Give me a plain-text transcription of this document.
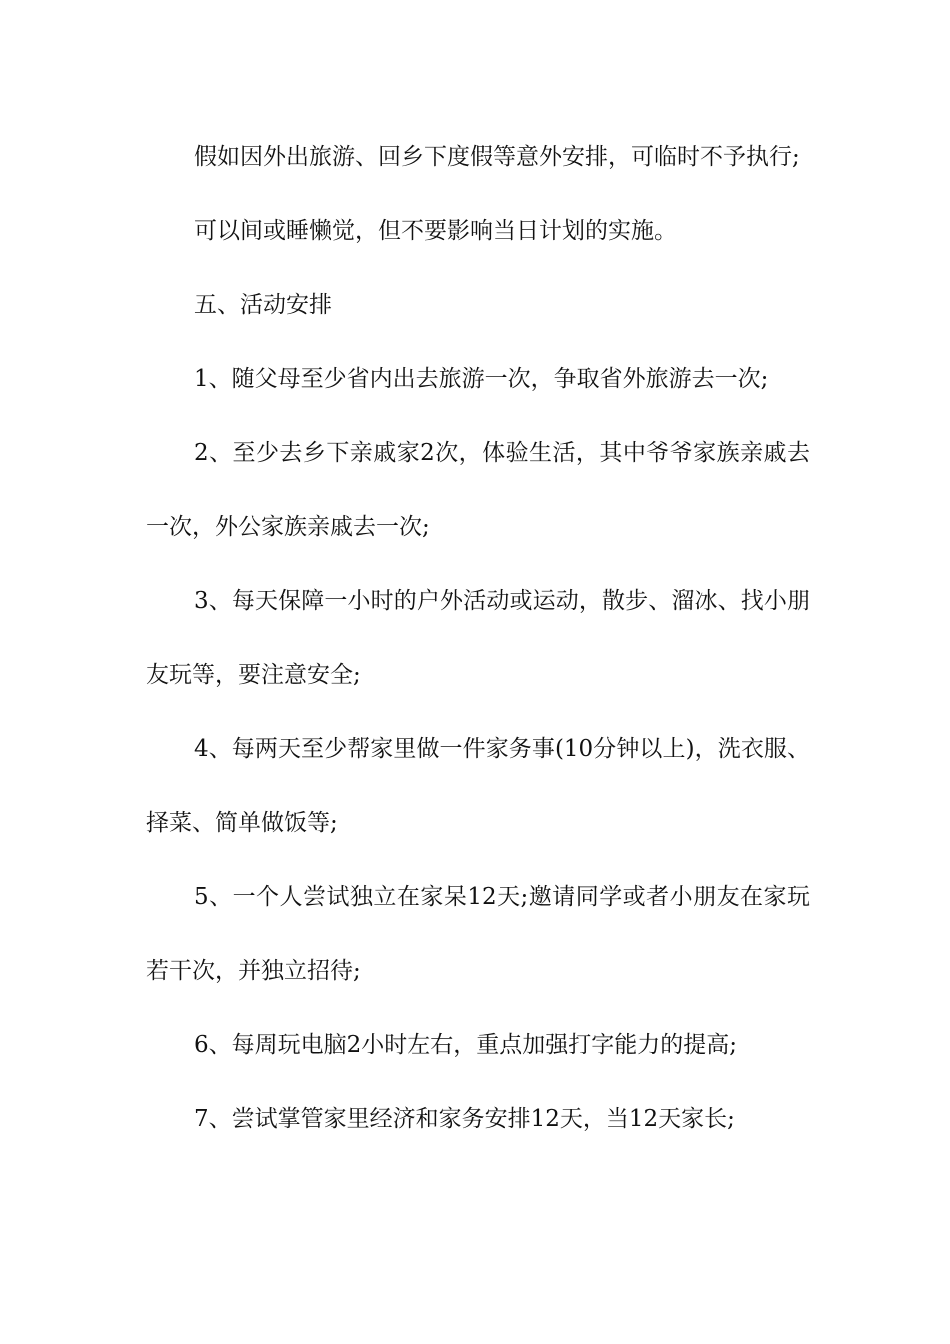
假如因外出旅游、回乡下度假等意外安排，可临时不予执行;

可以间或睡懒觉，但不要影响当日计划的实施。

五、活动安排

1、随父母至少省内出去旅游一次，争取省外旅游去一次;

2、至少去乡下亲戚家2次，体验生活，其中爷爷家族亲戚去一次，外公家族亲戚去一次;

3、每天保障一小时的户外活动或运动，散步、溜冰、找小朋友玩等，要注意安全;

4、每两天至少帮家里做一件家务事(10分钟以上)，洗衣服、择菜、简单做饭等;

5、一个人尝试独立在家呆12天;邀请同学或者小朋友在家玩若干次，并独立招待;

6、每周玩电脑2小时左右，重点加强打字能力的提高;

7、尝试掌管家里经济和家务安排12天，当12天家长;
